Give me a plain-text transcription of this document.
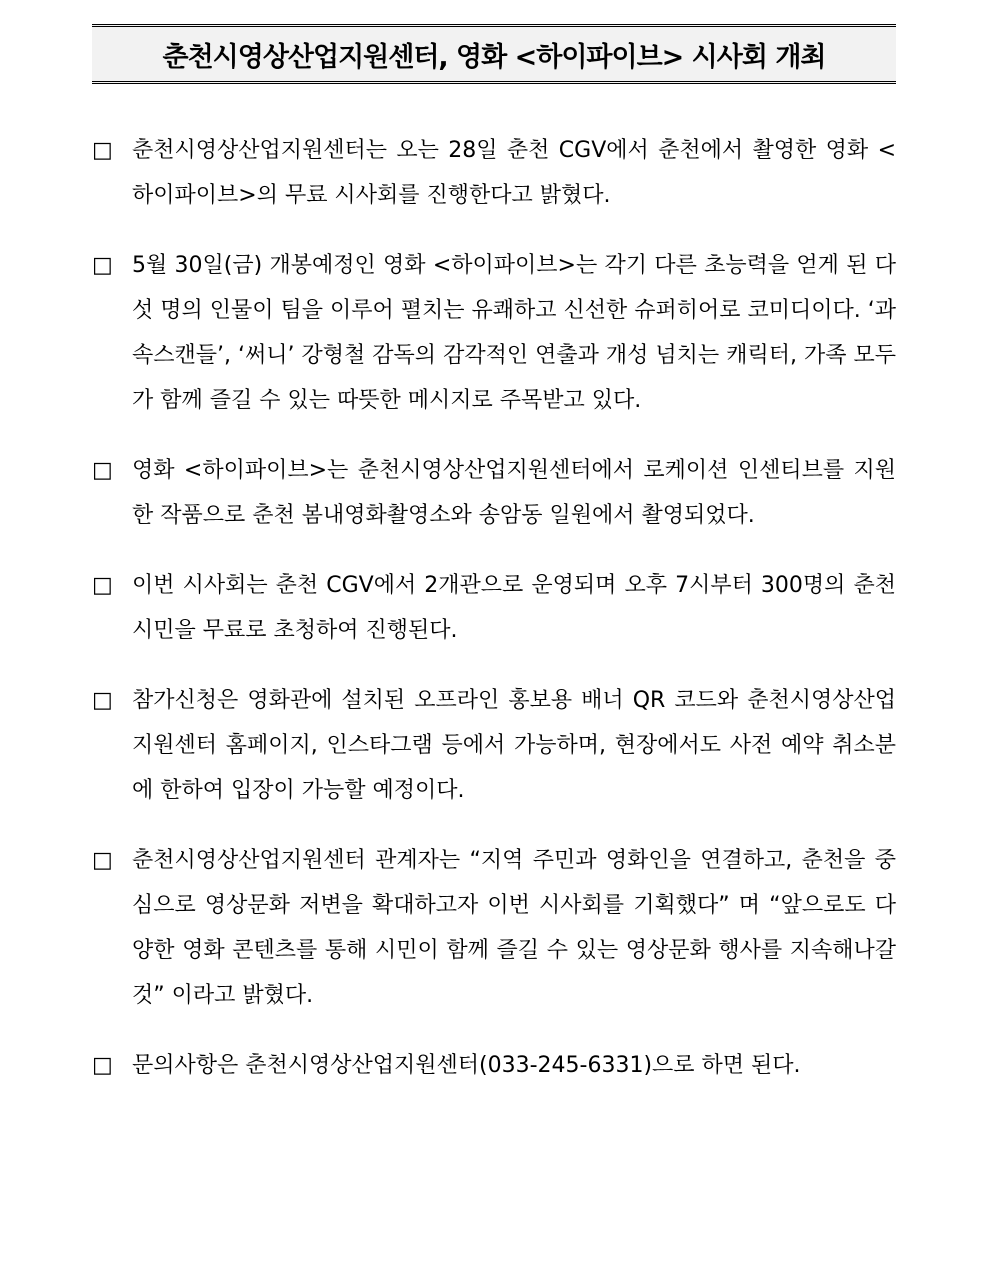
춘천시영상산업지원센터, 영화 <하이파이브> 시사회 개최
□ 춘천시영상산업지원센터는 오는 28일 춘천 CGV에서 춘천에서 촬영한 영화 <하이파이브>의 무료 시사회를 진행한다고 밝혔다.
□ 5월 30일(금) 개봉예정인 영화 <하이파이브>는 각기 다른 초능력을 얻게 된 다섯 명의 인물이 팀을 이루어 펼치는 유쾌하고 신선한 슈퍼히어로 코미디이다. ‘과속스캔들’, ‘써니’ 강형철 감독의 감각적인 연출과 개성 넘치는 캐릭터, 가족 모두가 함께 즐길 수 있는 따뜻한 메시지로 주목받고 있다.
□ 영화 <하이파이브>는 춘천시영상산업지원센터에서 로케이션 인센티브를 지원한 작품으로 춘천 봄내영화촬영소와 송암동 일원에서 촬영되었다.
□ 이번 시사회는 춘천 CGV에서 2개관으로 운영되며 오후 7시부터 300명의 춘천시민을 무료로 초청하여 진행된다.
□ 참가신청은 영화관에 설치된 오프라인 홍보용 배너 QR 코드와 춘천시영상산업지원센터 홈페이지, 인스타그램 등에서 가능하며, 현장에서도 사전 예약 취소분에 한하여 입장이 가능할 예정이다.
□ 춘천시영상산업지원센터 관계자는 “지역 주민과 영화인을 연결하고, 춘천을 중심으로 영상문화 저변을 확대하고자 이번 시사회를 기획했다” 며 “앞으로도 다양한 영화 콘텐츠를 통해 시민이 함께 즐길 수 있는 영상문화 행사를 지속해나갈 것” 이라고 밝혔다.
□ 문의사항은 춘천시영상산업지원센터(033-245-6331)으로 하면 된다.
